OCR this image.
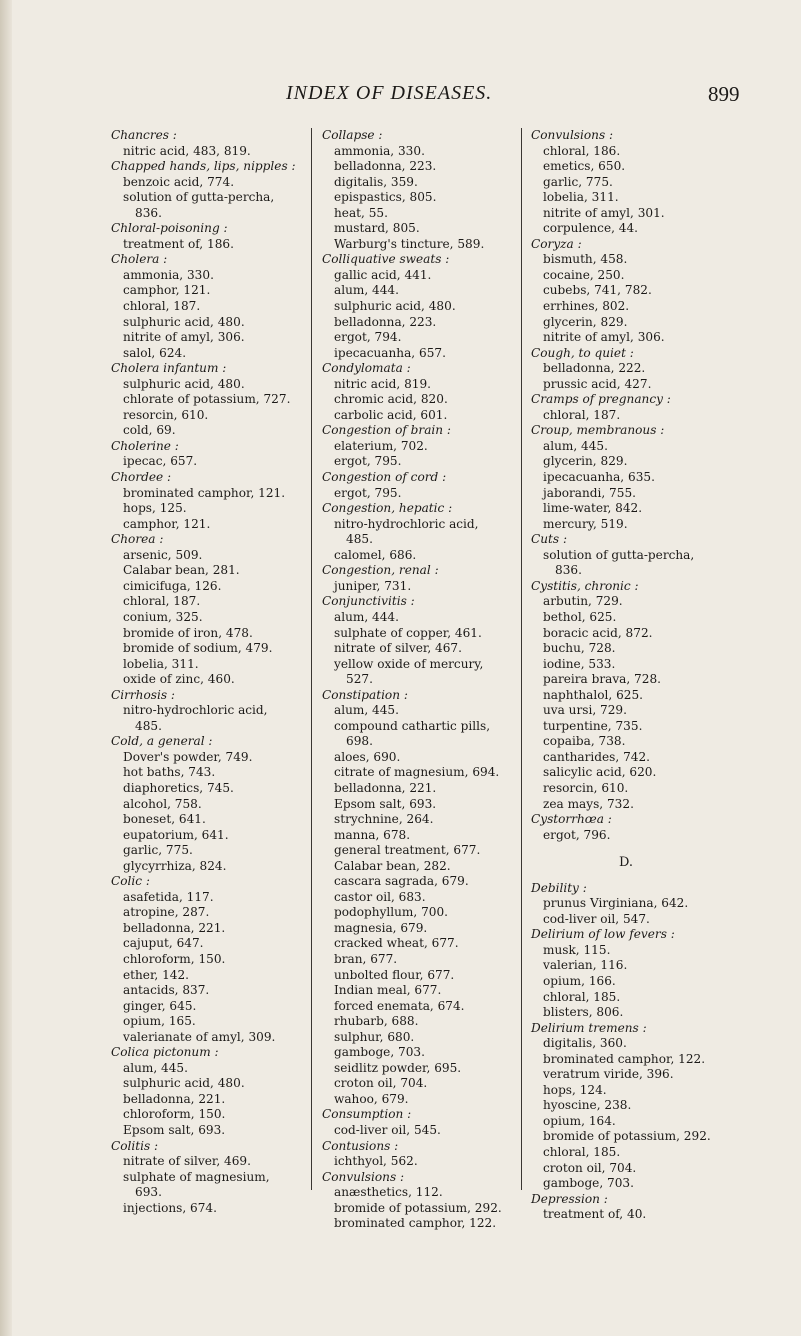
INDEX OF DISEASES.	899
Chancres :
nitric acid, 483, 819.
Chapped hands, lips, nipples :
benzoic acid, 774.
solution of gutta-percha, 836.
Chloral-poisoning :
treatment of, 186.
Cholera :
ammonia, 330.
camphor, 121.
chloral, 187.
sulphuric acid, 480.
nitrite of amyl, 306.
salol, 624.
Cholera infantum :
sulphuric acid, 480.
chlorate of potassium, 727.
resorcin, 610.
cold, 69.
Cholerine :
ipecac, 657.
Chordee :
brominated camphor, 121.
hops, 125.
camphor, 121.
Chorea :
arsenic, 509.
Calabar bean, 281.
cimicifuga, 126.
chloral, 187.
conium, 325.
bromide of iron, 478.
bromide of sodium, 479.
lobelia, 311.
oxide of zinc, 460.
Cirrhosis :
nitro-hydrochloric acid, 485.
Cold, a general :
Dover's powder, 749.
hot baths, 743.
diaphoretics, 745.
alcohol, 758.
boneset, 641.
eupatorium, 641.
garlic, 775.
glycyrrhiza, 824.
Colic :
asafetida, 117.
atropine, 287.
belladonna, 221.
cajuput, 647.
chloroform, 150.
ether, 142.
antacids, 837.
ginger, 645.
opium, 165.
valerianate of amyl, 309.
Colica pictonum :
alum, 445.
sulphuric acid, 480.
belladonna, 221.
chloroform, 150.
Epsom salt, 693.
Colitis :
nitrate of silver, 469.
sulphate of magnesium, 693.
injections, 674.
Collapse :
ammonia, 330.
belladonna, 223.
digitalis, 359.
epispastics, 805.
heat, 55.
mustard, 805.
Warburg's tincture, 589.
Colliquative sweats :
gallic acid, 441.
alum, 444.
sulphuric acid, 480.
belladonna, 223.
ergot, 794.
ipecacuanha, 657.
Condylomata :
nitric acid, 819.
chromic acid, 820.
carbolic acid, 601.
Congestion of brain :
elaterium, 702.
ergot, 795.
Congestion of cord :
ergot, 795.
Congestion, hepatic :
nitro-hydrochloric acid, 485.
calomel, 686.
Congestion, renal :
juniper, 731.
Conjunctivitis :
alum, 444.
sulphate of copper, 461.
nitrate of silver, 467.
yellow oxide of mercury, 527.
Constipation :
alum, 445.
compound cathartic pills, 698.
aloes, 690.
citrate of magnesium, 694.
belladonna, 221.
Epsom salt, 693.
strychnine, 264.
manna, 678.
general treatment, 677.
Calabar bean, 282.
cascara sagrada, 679.
castor oil, 683.
podophyllum, 700.
magnesia, 679.
cracked wheat, 677.
bran, 677.
unbolted flour, 677.
Indian meal, 677.
forced enemata, 674.
rhubarb, 688.
sulphur, 680.
gamboge, 703.
seidlitz powder, 695.
croton oil, 704.
wahoo, 679.
Consumption :
cod-liver oil, 545.
Contusions :
ichthyol, 562.
Convulsions :
anæsthetics, 112.
bromide of potassium, 292.
brominated camphor, 122.
Convulsions :
chloral, 186.
emetics, 650.
garlic, 775.
lobelia, 311.
nitrite of amyl, 301.
corpulence, 44.
Coryza :
bismuth, 458.
cocaine, 250.
cubebs, 741, 782.
errhines, 802.
glycerin, 829.
nitrite of amyl, 306.
Cough, to quiet :
belladonna, 222.
prussic acid, 427.
Cramps of pregnancy :
chloral, 187.
Croup, membranous :
alum, 445.
glycerin, 829.
ipecacuanha, 635.
jaborandi, 755.
lime-water, 842.
mercury, 519.
Cuts :
solution of gutta-percha, 836.
Cystitis, chronic :
arbutin, 729.
bethol, 625.
boracic acid, 872.
buchu, 728.
iodine, 533.
pareira brava, 728.
naphthalol, 625.
uva ursi, 729.
turpentine, 735.
copaiba, 738.
cantharides, 742.
salicylic acid, 620.
resorcin, 610.
zea mays, 732.
Cystorrhœa :
ergot, 796.
D.
Debility :
prunus Virginiana, 642.
cod-liver oil, 547.
Delirium of low fevers :
musk, 115.
valerian, 116.
opium, 166.
chloral, 185.
blisters, 806.
Delirium tremens :
digitalis, 360.
brominated camphor, 122.
veratrum viride, 396.
hops, 124.
hyoscine, 238.
opium, 164.
bromide of potassium, 292.
chloral, 185.
croton oil, 704.
gamboge, 703.
Depression :
treatment of, 40.
